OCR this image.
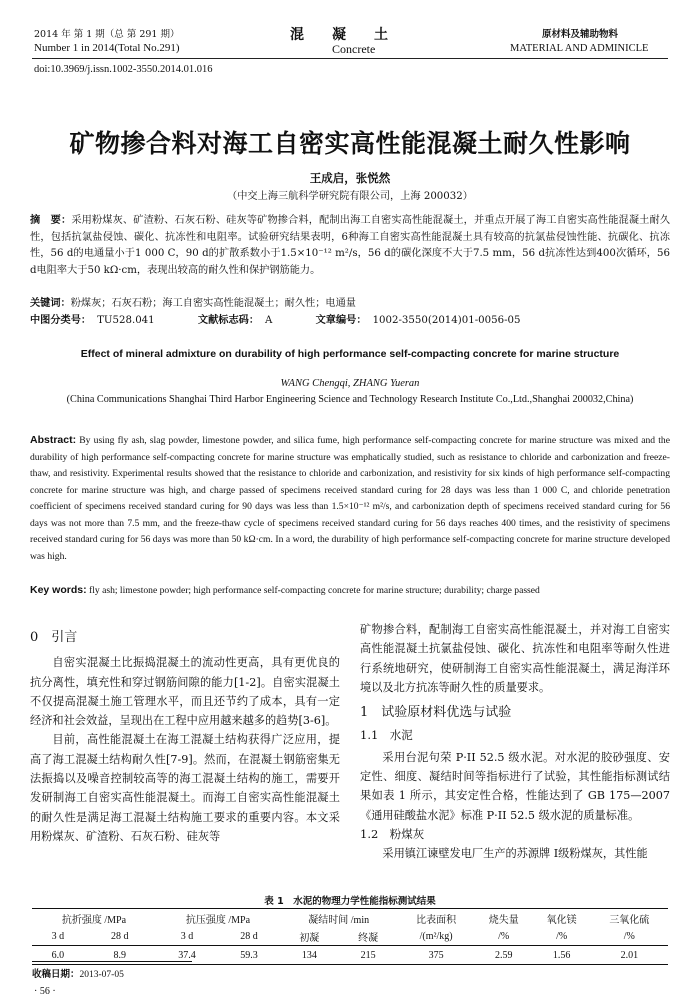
2014 年 第 1 期（总 第 291 期）
Number 1 in 2014(Total No.291)
混　　凝　　土
Concrete
原材料及辅助物料
MATERIAL AND ADMINICLE
doi:10.3969/j.issn.1002-3550.2014.01.016
矿物掺合料对海工自密实高性能混凝土耐久性影响
王成启，张悦然
（中交上海三航科学研究院有限公司，上海 200032）
摘　要：采用粉煤灰、矿渣粉、石灰石粉、硅灰等矿物掺合料，配制出海工自密实高性能混凝土，并重点开展了海工自密实高性能混凝土耐久性，包括抗氯盐侵蚀、碳化、抗冻性和电阻率。试验研究结果表明，6种海工自密实高性能混凝土具有较高的抗氯盐侵蚀性能、抗碳化、抗冻性，56 d的电通量小于1 000 C，90 d的扩散系数小于1.5×10⁻¹² m²/s，56 d的碳化深度不大于7.5 mm，56 d抗冻性达到400次循环，56 d电阻率大于50 kΩ·cm，表现出较高的耐久性和保护钢筋能力。
关键词：粉煤灰；石灰石粉；海工自密实高性能混凝土；耐久性；电通量
中图分类号： TU528.041	文献标志码： A	文章编号： 1002-3550(2014)01-0056-05
Effect of mineral admixture on durability of high performance self-compacting concrete for marine structure
WANG Chengqi, ZHANG Yueran
(China Communications Shanghai Third Harbor Engineering Science and Technology Research Institute Co.,Ltd.,Shanghai 200032,China)
Abstract: By using fly ash, slag powder, limestone powder, and silica fume, high performance self-compacting concrete for marine structure was mixed and the durability of high performance self-compacting concrete for marine structure was emphatically studied, such as resistance to chloride and carbonization and freeze-thaw, and resistivity. Experimental results showed that the resistance to chloride and carbonization, and resistivity for six kinds of high performance self-compacting concrete for marine structure was high, and charge passed of specimens received standard curing for 28 days was less than 1 000 C, and chloride penetration coefficient of specimens received standard curing for 90 days was less than 1.5×10⁻¹² m²/s, and carbonization depth of specimens received standard curing for 56 days was not more than 7.5 mm, and the freeze-thaw cycle of specimens received standard curing for 56 days reaches 400 times, and the resistivity of specimens received standard curing for 56 days was more than 50 kΩ·cm. In a word, the durability of high performance self-compacting concrete for marine structure developed was high.
Key words: fly ash; limestone powder; high performance self-compacting concrete for marine structure; durability; charge passed
0　引言

自密实混凝土比振捣混凝土的流动性更高，具有更优良的抗分离性，填充性和穿过钢筋间隙的能力[1-2]。自密实混凝土不仅提高混凝土施工管理水平，而且还节约了成本，具有一定经济和社会效益，呈现出在工程中应用越来越多的趋势[3-6]。

目前，高性能混凝土在海工混凝土结构获得广泛应用，提高了海工混凝土结构耐久性[7-9]。然而，在混凝土钢筋密集无法振捣以及噪音控制较高等的海工混凝土结构的施工，需要开发研制海工自密实高性能混凝土。而海工自密实高性能混凝土的耐久性是满足海工混凝土结构施工要求的重要内容。本文采用粉煤灰、矿渣粉、石灰石粉、硅灰等

矿物掺合料，配制海工自密实高性能混凝土，并对海工自密实高性能混凝土抗氯盐侵蚀、碳化、抗冻性和电阻率等耐久性进行系统地研究，使研制海工自密实高性能混凝土，满足海洋环境以及北方抗冻等耐久性的质量要求。

1　试验原材料优选与试验
1.1　水泥

采用台泥句荣 P·II 52.5 级水泥。对水泥的胶砂强度、安定性、细度、凝结时间等指标进行了试验，其性能指标测试结果如表 1 所示，其安定性合格，性能达到了 GB 175—2007《通用硅酸盐水泥》标准 P·II 52.5 级水泥的质量标准。

1.2　粉煤灰

采用镇江谏壁发电厂生产的苏源牌 I级粉煤灰，其性能

表 1　水泥的物理力学性能指标测试结果
抗折强度 /MPa		抗压强度 /MPa		凝结时间 /min		比表面积	烧失量	氧化镁	三氧化硫
3 d	28 d	3 d	28 d	初凝	终凝	/(m²/kg)	/%	/%	/%
6.0	8.9	37.4	59.3	134	215	375	2.59	1.56	2.01
收稿日期：2013-07-05
· 56 ·
